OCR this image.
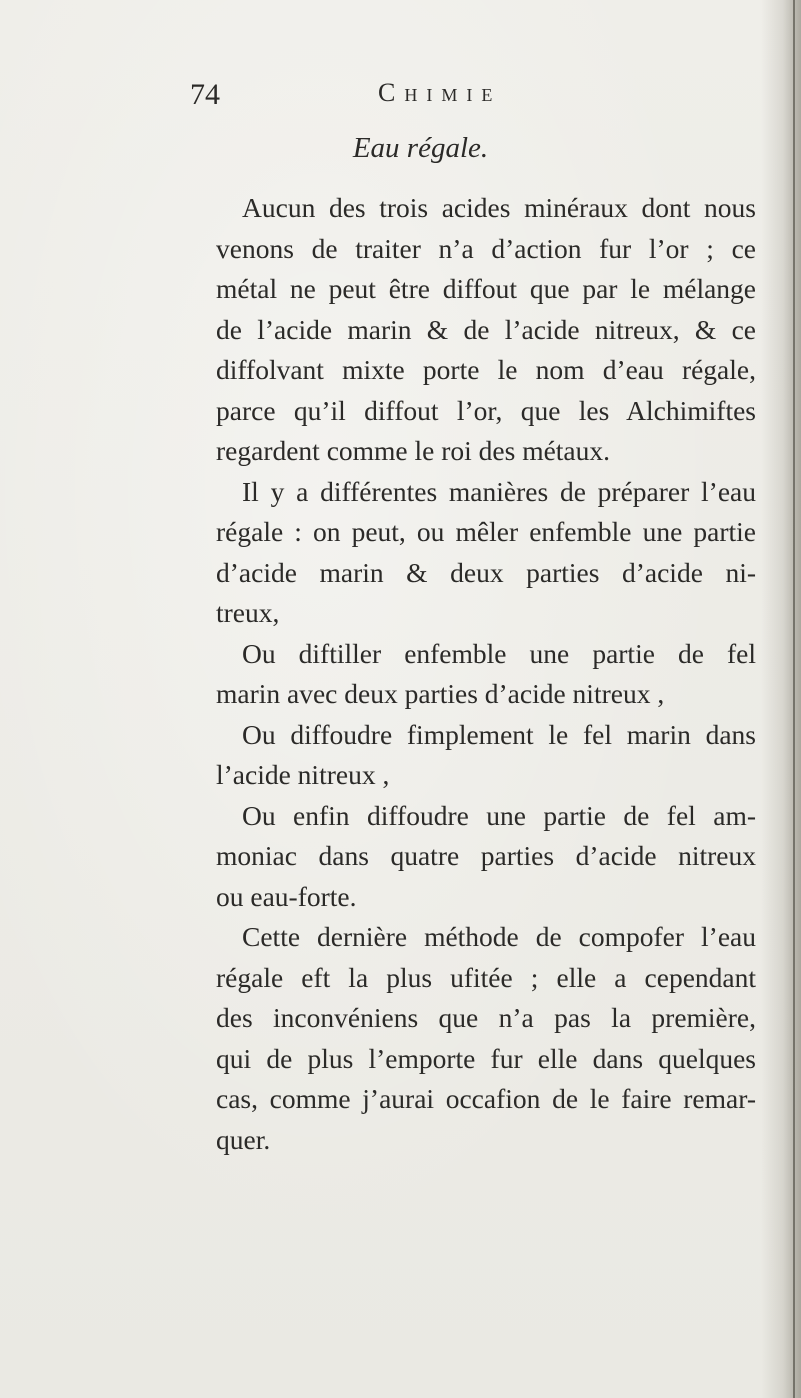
74	Chimie
Eau régale.
Aucun des trois acides minéraux dont nous
venons de traiter n’a d’action fur l’or ; ce
métal ne peut être diffout que par le mélange
de l’acide marin & de l’acide nitreux, & ce
diffolvant mixte porte le nom d’eau régale,
parce qu’il diffout l’or, que les Alchimiftes
regardent comme le roi des métaux.
Il y a différentes manières de préparer l’eau
régale : on peut, ou mêler enfemble une partie
d’acide marin & deux parties d’acide ni-
treux,
Ou diftiller enfemble une partie de fel
marin avec deux parties d’acide nitreux ,
Ou diffoudre fimplement le fel marin dans
l’acide nitreux ,
Ou enfin diffoudre une partie de fel am-
moniac dans quatre parties d’acide nitreux
ou eau-forte.
Cette dernière méthode de compofer l’eau
régale eft la plus ufitée ; elle a cependant
des inconvéniens que n’a pas la première,
qui de plus l’emporte fur elle dans quelques
cas, comme j’aurai occafion de le faire remar-
quer.
